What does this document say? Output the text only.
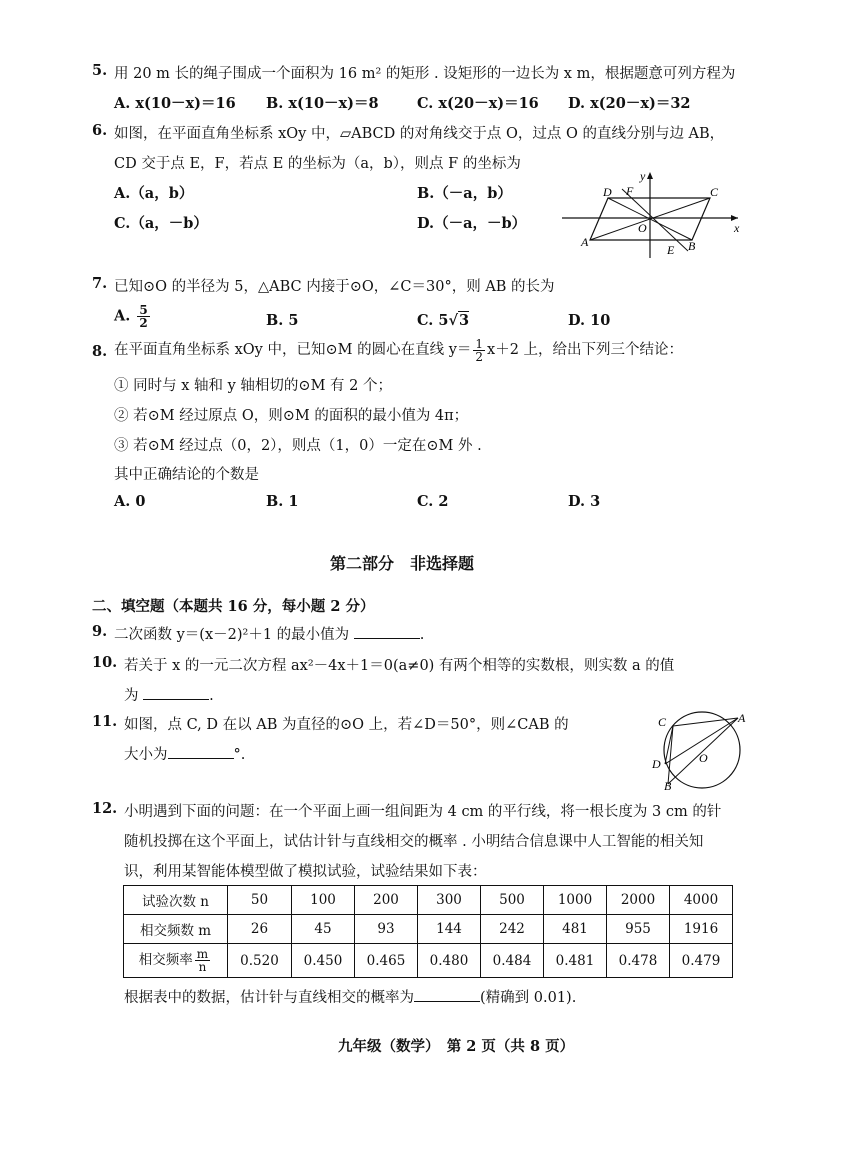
5. 用 20 m 长的绳子围成一个面积为 16 m² 的矩形 . 设矩形的一边长为 x m，根据题意可列方程为
A. x(10－x)＝16 B. x(10－x)＝8	C. x(20－x)＝16 D. x(20－x)＝32
6. 如图，在平面直角坐标系 xOy 中，▱ABCD 的对角线交于点 O，过点 O 的直线分别与边 AB，
CD 交于点 E，F，若点 E 的坐标为（a，b），则点 F 的坐标为
A.（a，b）	B.（－a，b）
C.（a，－b）	D.（－a，－b）
D F	C
y
O	x
A
E B
7. 已知⊙O 的半径为 5，△ABC 内接于⊙O，∠C＝30°，则 AB 的长为
A. $\frac{5}{2}$	B. 5	C. 5√3	D. 10
8. 在平面直角坐标系 xOy 中，已知⊙M 的圆心在直线 $y= \frac{1}{2} x+2$ 上，给出下列三个结论：
① 同时与 x 轴和 y 轴相切的⊙M 有 2 个；
② 若⊙M 经过原点 O，则⊙M 的面积的最小值为 4π；
③ 若⊙M 经过点（0，2），则点（1，0）一定在⊙M 外 .
其中正确结论的个数是
A. 0	B. 1	C. 2	D. 3
第二部分　非选择题
二、填空题（本题共 16 分，每小题 2 分）
9. 二次函数 y＝(x－2)²＋1 的最小值为	.
10. 若关于 x 的一元二次方程 ax²－4x＋1＝0(a≠0) 有两个相等的实数根，则实数 a 的值
为	.
11. 如图，点 C, D 在以 AB 为直径的⊙O 上，若∠D＝50°，则∠CAB 的
大小为	°.
C	A
D	O
B
12. 小明遇到下面的问题：在一个平面上画一组间距为 4 cm 的平行线，将一根长度为 3 cm 的针
随机投掷在这个平面上，试估计针与直线相交的概率 . 小明结合信息课中人工智能的相关知
识，利用某智能体模型做了模拟试验，试验结果如下表：
试验次数 n	50	100	200	300	500	1000	2000	4000
相交频数 m	26	45	93	144	242	481	955	1916
相交频率 $\frac{m}{n}$	0.520	0.450	0.465	0.480	0.484	0.481	0.478	0.479
根据表中的数据，估计针与直线相交的概率为	(精确到 0.01).
九年级（数学）　第 2 页（共 8 页）
